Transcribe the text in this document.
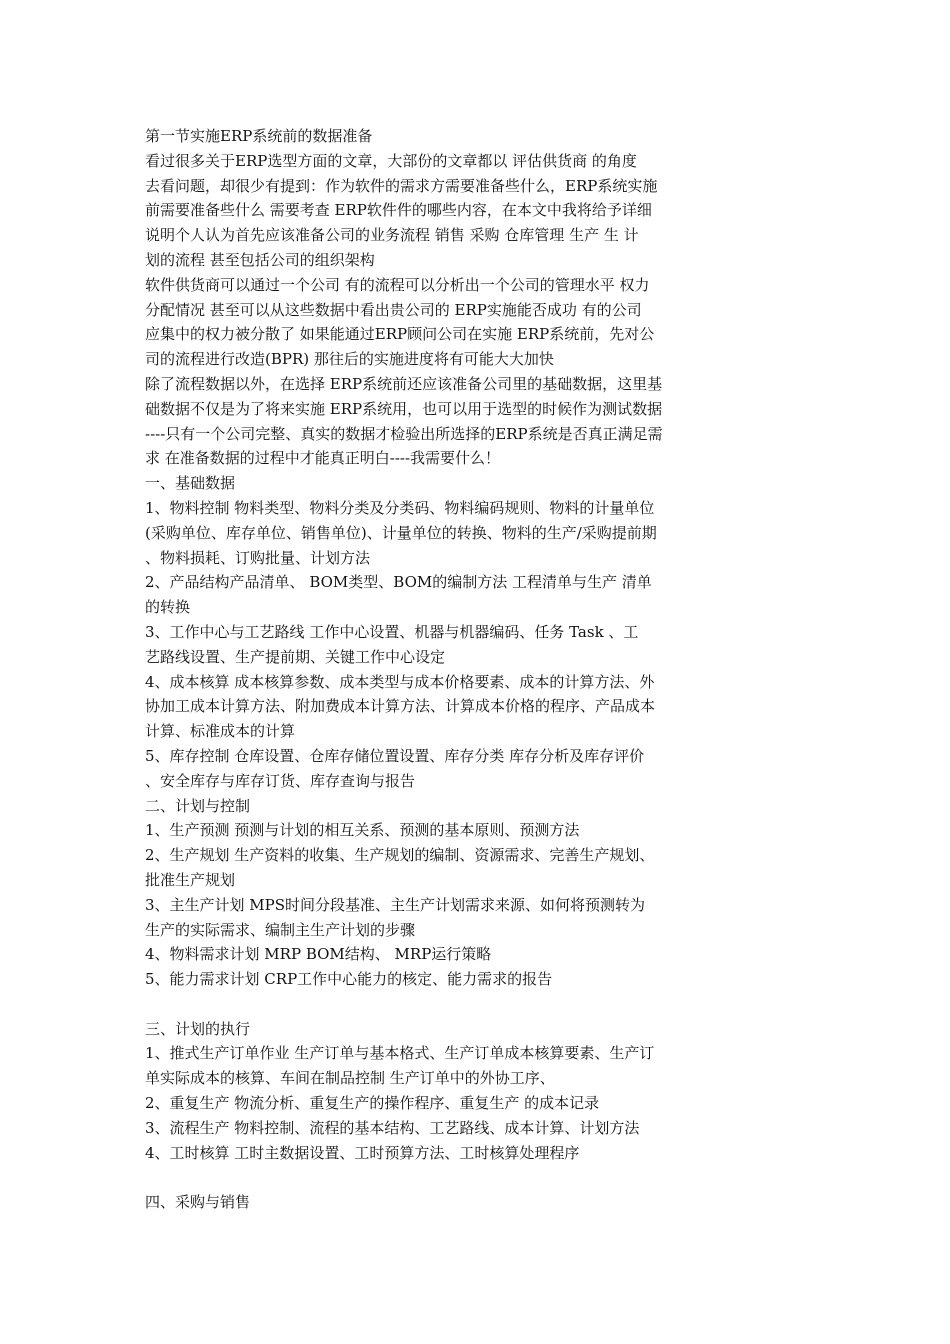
第一节实施ERP系统前的数据准备
看过很多关于ERP选型方面的文章，大部份的文章都以 评估供货商 的角度
去看问题，却很少有提到：作为软件的需求方需要准备些什么，ERP系统实施
前需要准备些什么 需要考查 ERP软件件的哪些内容，在本文中我将给予详细
说明个人认为首先应该准备公司的业务流程 销售 采购 仓库管理 生产 生 计
划的流程 甚至包括公司的组织架构
软件供货商可以通过一个公司 有的流程可以分析出一个公司的管理水平 权力
分配情况 甚至可以从这些数据中看出贵公司的 ERP实施能否成功 有的公司
应集中的权力被分散了 如果能通过ERP顾问公司在实施 ERP系统前，先对公
司的流程进行改造(BPR) 那往后的实施进度将有可能大大加快
除了流程数据以外，在选择 ERP系统前还应该准备公司里的基础数据，这里基
础数据不仅是为了将来实施 ERP系统用，也可以用于选型的时候作为测试数据
----只有一个公司完整、真实的数据才检验出所选择的ERP系统是否真正满足需
求 在准备数据的过程中才能真正明白----我需要什么！
一、基础数据
1、物料控制 物料类型、物料分类及分类码、物料编码规则、物料的计量单位
(采购单位、库存单位、销售单位)、计量单位的转换、物料的生产/采购提前期
、物料损耗、订购批量、计划方法
2、产品结构产品清单、 BOM类型、BOM的编制方法 工程清单与生产 清单
的转换
3、工作中心与工艺路线 工作中心设置、机器与机器编码、任务 Task 、工
艺路线设置、生产提前期、关键工作中心设定
4、成本核算 成本核算参数、成本类型与成本价格要素、成本的计算方法、外
协加工成本计算方法、附加费成本计算方法、计算成本价格的程序、产品成本
计算、标准成本的计算
5、库存控制 仓库设置、仓库存储位置设置、库存分类 库存分析及库存评价
、安全库存与库存订货、库存查询与报告
二、计划与控制
1、生产预测 预测与计划的相互关系、预测的基本原则、预测方法
2、生产规划 生产资料的收集、生产规划的编制、资源需求、完善生产规划、
批准生产规划
3、主生产计划 MPS时间分段基准、主生产计划需求来源、如何将预测转为
生产的实际需求、编制主生产计划的步骤
4、物料需求计划 MRP BOM结构、 MRP运行策略
5、能力需求计划 CRP工作中心能力的核定、能力需求的报告
三、计划的执行
1、推式生产订单作业 生产订单与基本格式、生产订单成本核算要素、生产订
单实际成本的核算、车间在制品控制 生产订单中的外协工序、
2、重复生产 物流分析、重复生产的操作程序、重复生产 的成本记录
3、流程生产 物料控制、流程的基本结构、工艺路线、成本计算、计划方法
4、工时核算 工时主数据设置、工时预算方法、工时核算处理程序
四、采购与销售
